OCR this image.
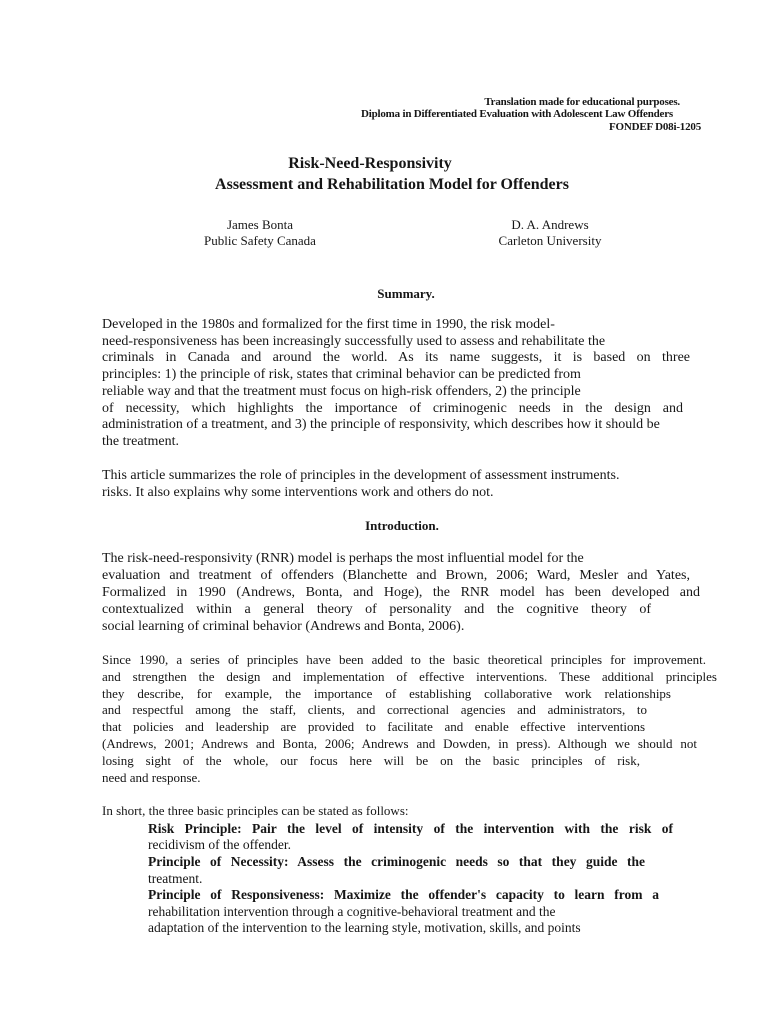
Translation made for educational purposes.
Diploma in Differentiated Evaluation with Adolescent Law Offenders
FONDEF D08i-1205
Risk-Need-Responsivity
Assessment and Rehabilitation Model for Offenders
James Bonta
Public Safety Canada
D. A. Andrews
Carleton University
Summary.
Developed in the 1980s and formalized for the first time in 1990, the risk model-
need-responsiveness has been increasingly successfully used to assess and rehabilitate the
criminals in Canada and around the world. As its name suggests, it is based on three
principles: 1) the principle of risk, states that criminal behavior can be predicted from
reliable way and that the treatment must focus on high-risk offenders, 2) the principle
of necessity, which highlights the importance of criminogenic needs in the design and
administration of a treatment, and 3) the principle of responsivity, which describes how it should be
the treatment.
This article summarizes the role of principles in the development of assessment instruments.
risks. It also explains why some interventions work and others do not.
Introduction.
The risk-need-responsivity (RNR) model is perhaps the most influential model for the
evaluation and treatment of offenders (Blanchette and Brown, 2006; Ward, Mesler and Yates,
Formalized in 1990 (Andrews, Bonta, and Hoge), the RNR model has been developed and
contextualized within a general theory of personality and the cognitive theory of
social learning of criminal behavior (Andrews and Bonta, 2006).
Since 1990, a series of principles have been added to the basic theoretical principles for improvement.
and strengthen the design and implementation of effective interventions. These additional principles
they describe, for example, the importance of establishing collaborative work relationships
and respectful among the staff, clients, and correctional agencies and administrators, to
that policies and leadership are provided to facilitate and enable effective interventions
(Andrews, 2001; Andrews and Bonta, 2006; Andrews and Dowden, in press). Although we should not
losing sight of the whole, our focus here will be on the basic principles of risk,
need and response.
In short, the three basic principles can be stated as follows:
Risk Principle: Pair the level of intensity of the intervention with the risk of
recidivism of the offender.
Principle of Necessity: Assess the criminogenic needs so that they guide the
treatment.
Principle of Responsiveness: Maximize the offender's capacity to learn from a
rehabilitation intervention through a cognitive-behavioral treatment and the
adaptation of the intervention to the learning style, motivation, skills, and points
